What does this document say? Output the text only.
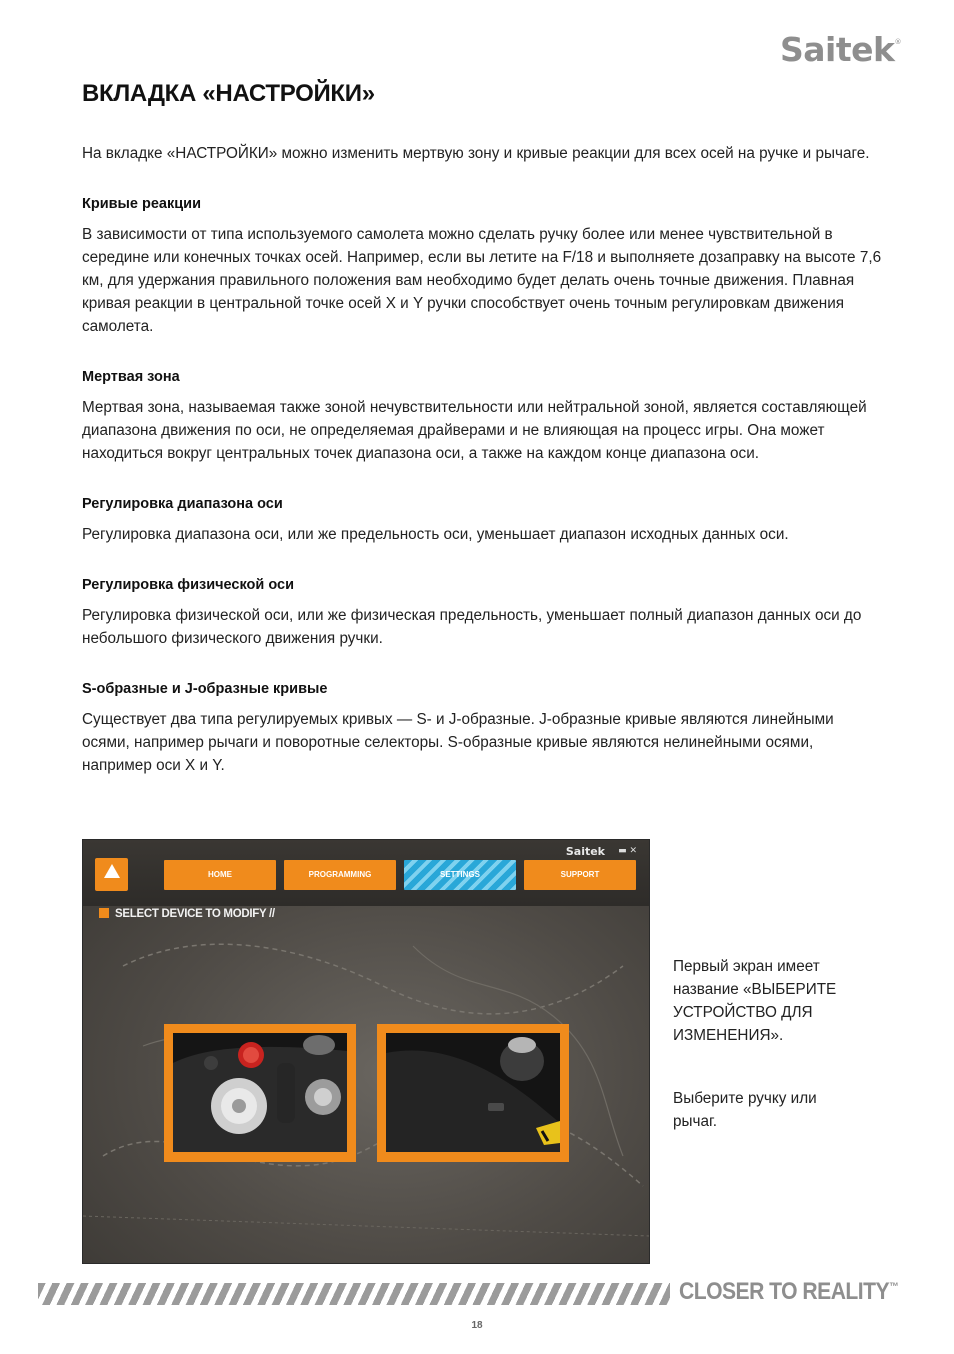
Saitek®
ВКЛАДКА «НАСТРОЙКИ»

На вкладке «НАСТРОЙКИ» можно изменить мертвую зону и кривые реакции для всех осей на ручке и рычаге.

Кривые реакции

В зависимости от типа используемого самолета можно сделать ручку более или менее чувствительной в середине или конечных точках осей. Например, если вы летите на F/18 и выполняете дозаправку на высоте 7,6 км, для удержания правильного положения вам необходимо будет делать очень точные движения. Плавная кривая реакции в центральной точке осей X и Y ручки способствует очень точным регулировкам движения самолета.

Мертвая зона

Мертвая зона, называемая также зоной нечувствительности или нейтральной зоной, является составляющей диапазона движения по оси, не определяемая драйверами и не влияющая на процесс игры. Она может находиться вокруг центральных точек диапазона оси, а также на каждом конце диапазона оси.

Регулировка диапазона оси

Регулировка диапазона оси, или же предельность оси, уменьшает диапазон исходных данных оси.

Регулировка физической оси

Регулировка физической оси, или же физическая предельность, уменьшает полный диапазон данных оси до небольшого физического движения ручки.

S-образные и J-образные кривые

Существует два типа регулируемых кривых — S- и J-образные. J-образные кривые являются линейными осями, например рычаги и поворотные селекторы. S-образные кривые являются нелинейными осями, например оси X и Y.

Saitek ▬ ✕
HOME	PROGRAMMING	SETTINGS	SUPPORT
SELECT DEVICE TO MODIFY //

Первый экран имеет название «ВЫБЕРИТЕ УСТРОЙСТВО ДЛЯ ИЗМЕНЕНИЯ».

Выберите ручку или рычаг.

CLOSER TO REALITY™
18
